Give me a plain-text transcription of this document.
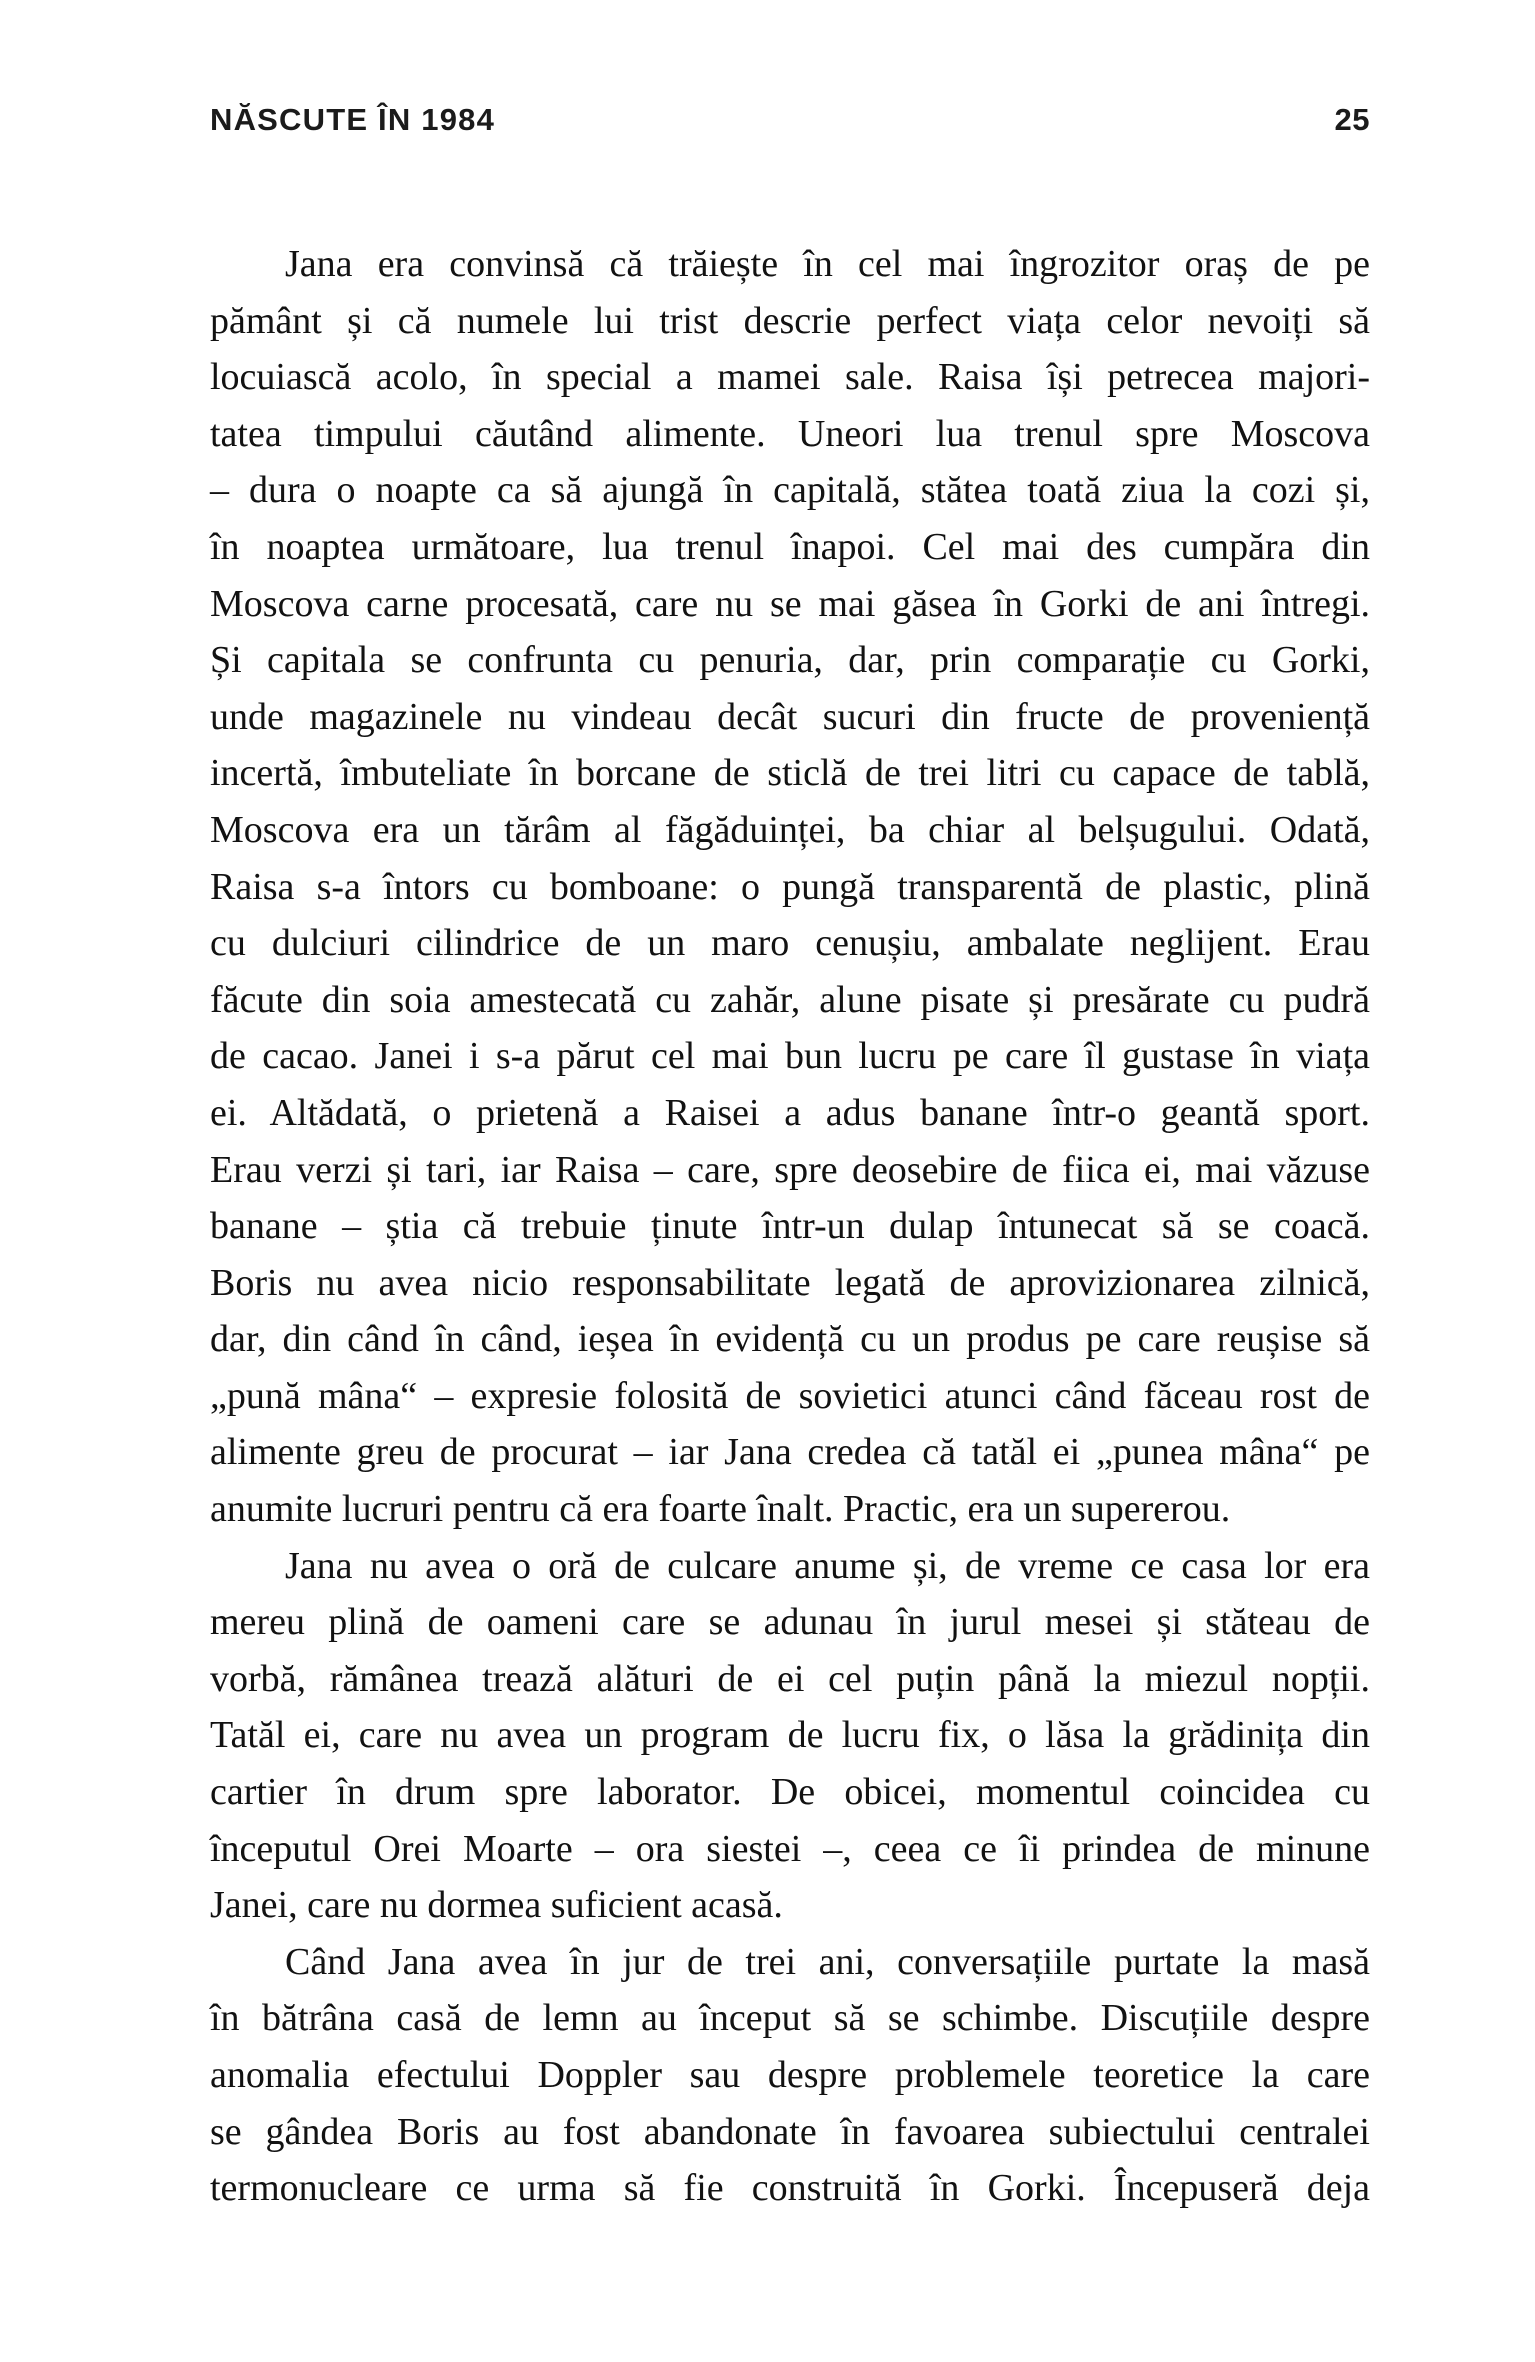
NĂSCUTE ÎN 1984	25
Jana era convinsă că trăiește în cel mai îngrozitor oraș de pe
pământ și că numele lui trist descrie perfect viața celor nevoiți să
locuiască acolo, în special a mamei sale. Raisa își petrecea majori-
tatea timpului căutând alimente. Uneori lua trenul spre Moscova
– dura o noapte ca să ajungă în capitală, stătea toată ziua la cozi și,
în noaptea următoare, lua trenul înapoi. Cel mai des cumpăra din
Moscova carne procesată, care nu se mai găsea în Gorki de ani întregi.
Și capitala se confrunta cu penuria, dar, prin comparație cu Gorki,
unde magazinele nu vindeau decât sucuri din fructe de proveniență
incertă, îmbuteliate în borcane de sticlă de trei litri cu capace de tablă,
Moscova era un tărâm al făgăduinței, ba chiar al belșugului. Odată,
Raisa s-a întors cu bomboane: o pungă transparentă de plastic, plină
cu dulciuri cilindrice de un maro cenușiu, ambalate neglijent. Erau
făcute din soia amestecată cu zahăr, alune pisate și presărate cu pudră
de cacao. Janei i s-a părut cel mai bun lucru pe care îl gustase în viața
ei. Altădată, o prietenă a Raisei a adus banane într-o geantă sport.
Erau verzi și tari, iar Raisa – care, spre deosebire de fiica ei, mai văzuse
banane – știa că trebuie ținute într-un dulap întunecat să se coacă.
Boris nu avea nicio responsabilitate legată de aprovizionarea zilnică,
dar, din când în când, ieșea în evidență cu un produs pe care reușise să
„pună mâna“ – expresie folosită de sovietici atunci când făceau rost de
alimente greu de procurat – iar Jana credea că tatăl ei „punea mâna“ pe
anumite lucruri pentru că era foarte înalt. Practic, era un supererou.
Jana nu avea o oră de culcare anume și, de vreme ce casa lor era
mereu plină de oameni care se adunau în jurul mesei și stăteau de
vorbă, rămânea trează alături de ei cel puțin până la miezul nopții.
Tatăl ei, care nu avea un program de lucru fix, o lăsa la grădinița din
cartier în drum spre laborator. De obicei, momentul coincidea cu
începutul Orei Moarte – ora siestei –, ceea ce îi prindea de minune
Janei, care nu dormea suficient acasă.
Când Jana avea în jur de trei ani, conversațiile purtate la masă
în bătrâna casă de lemn au început să se schimbe. Discuțiile despre
anomalia efectului Doppler sau despre problemele teoretice la care
se gândea Boris au fost abandonate în favoarea subiectului centralei
termonucleare ce urma să fie construită în Gorki. Începuseră deja
